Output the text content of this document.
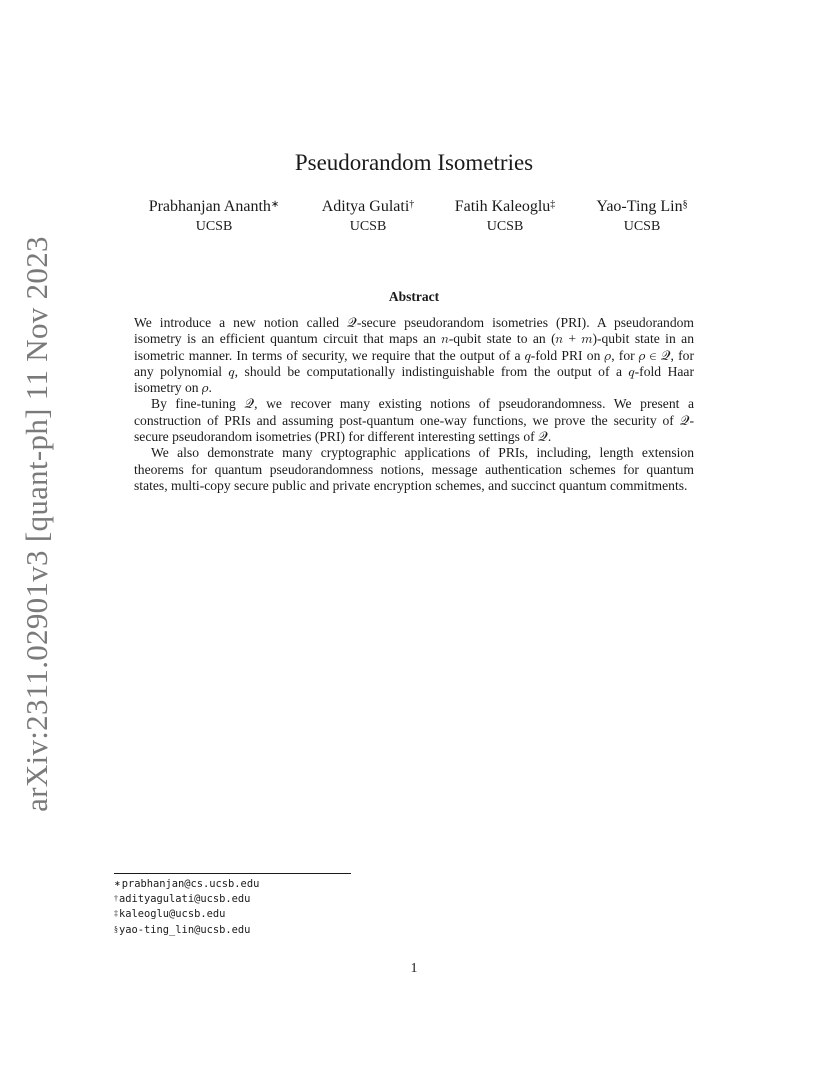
arXiv:2311.02901v3 [quant-ph] 11 Nov 2023
Pseudorandom Isometries
Prabhanjan Ananth∗
UCSB
Aditya Gulati†
UCSB
Fatih Kaleoglu‡
UCSB
Yao-Ting Lin§
UCSB
Abstract

We introduce a new notion called 𝒬-secure pseudorandom isometries (PRI). A pseudorandom isometry is an efficient quantum circuit that maps an 𝑛-qubit state to an (𝑛 + 𝑚)-qubit state in an isometric manner. In terms of security, we require that the output of a 𝑞-fold PRI on 𝜌, for 𝜌 ∈ 𝒬, for any polynomial 𝑞, should be computationally indistinguishable from the output of a 𝑞-fold Haar isometry on 𝜌.

By fine-tuning 𝒬, we recover many existing notions of pseudorandomness. We present a construction of PRIs and assuming post-quantum one-way functions, we prove the security of 𝒬-secure pseudorandom isometries (PRI) for different interesting settings of 𝒬.

We also demonstrate many cryptographic applications of PRIs, including, length extension theorems for quantum pseudorandomness notions, message authentication schemes for quantum states, multi-copy secure public and private encryption schemes, and succinct quantum commitments.

∗prabhanjan@cs.ucsb.edu
†adityagulati@ucsb.edu
‡kaleoglu@ucsb.edu
§yao-ting_lin@ucsb.edu
1
